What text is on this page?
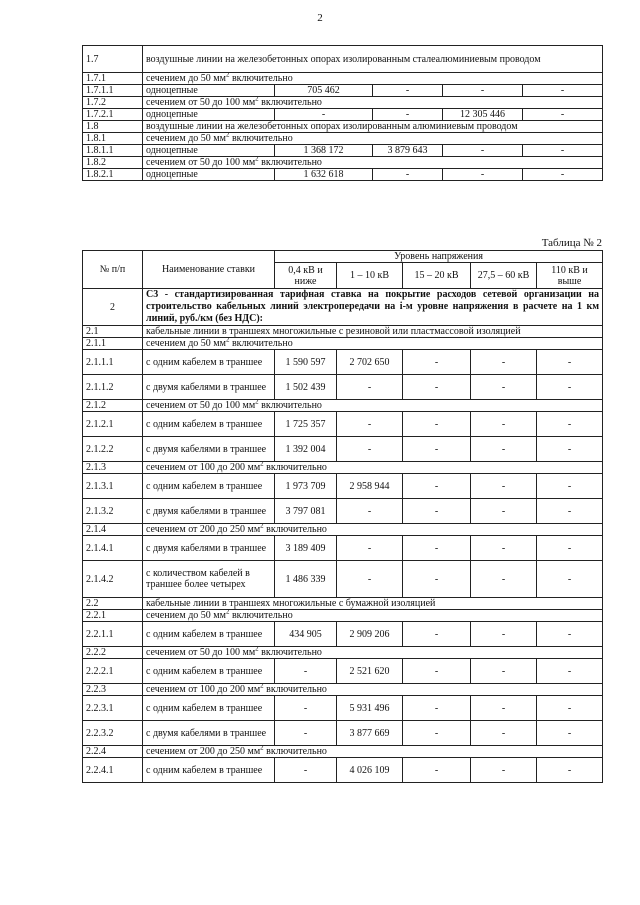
2
1.7	воздушные линии на железобетонных опорах изолированным сталеалюминиевым проводом				
1.7.1	сечением до 50 $мм^2$ включительно				
1.7.1.1	одноцепные	705 462	-	-	-
1.7.2	сечением от 50 до 100 $мм^2$ включительно				
1.7.2.1	одноцепные	-	-	12 305 446	-
1.8	воздушные линии на железобетонных опорах изолированным алюминиевым проводом				
1.8.1	сечением до 50 $мм^2$ включительно				
1.8.1.1	одноцепные	1 368 172	3 879 643	-	-
1.8.2	сечением от 50 до 100 $мм^2$ включительно				
1.8.2.1	одноцепные	1 632 618	-	-	-
Таблица № 2
№ п/п	Наименование ставки	Уровень напряжения				
		0,4 кВ и ниже	1 – 10 кВ	15 – 20 кВ	27,5 – 60 кВ	110 кВ и выше
2	С3 - стандартизированная тарифная ставка на покрытие расходов сетевой организации на строительство кабельных линий электропередачи на i-м уровне напряжения в расчете на 1 км линий, руб./км (без НДС):					
2.1	кабельные линии в траншеях многожильные с резиновой или пластмассовой изоляцией					
2.1.1	сечением до 50 $мм^2$ включительно					
2.1.1.1	с одним кабелем в траншее	1 590 597	2 702 650	-	-	-
2.1.1.2	с двумя кабелями в траншее	1 502 439	-	-	-	-
2.1.2	сечением от 50 до 100 $мм^2$ включительно					
2.1.2.1	с одним кабелем в траншее	1 725 357	-	-	-	-
2.1.2.2	с двумя кабелями в траншее	1 392 004	-	-	-	-
2.1.3	сечением от 100 до 200 $мм^2$ включительно					
2.1.3.1	с одним кабелем в траншее	1 973 709	2 958 944	-	-	-
2.1.3.2	с двумя кабелями в траншее	3 797 081	-	-	-	-
2.1.4	сечением от 200 до 250 $мм^2$ включительно					
2.1.4.1	с двумя кабелями в траншее	3 189 409	-	-	-	-
2.1.4.2	с количеством кабелей в траншее более четырех	1 486 339	-	-	-	-
2.2	кабельные линии в траншеях многожильные с бумажной изоляцией					
2.2.1	сечением до 50 $мм^2$ включительно					
2.2.1.1	с одним кабелем в траншее	434 905	2 909 206	-	-	-
2.2.2	сечением от 50 до 100 $мм^2$ включительно					
2.2.2.1	с одним кабелем в траншее	-	2 521 620	-	-	-
2.2.3	сечением от 100 до 200 $мм^2$ включительно					
2.2.3.1	с одним кабелем в траншее	-	5 931 496	-	-	-
2.2.3.2	с двумя кабелями в траншее	-	3 877 669	-	-	-
2.2.4	сечением от 200 до 250 $мм^2$ включительно					
2.2.4.1	с одним кабелем в траншее	-	4 026 109	-	-	-
